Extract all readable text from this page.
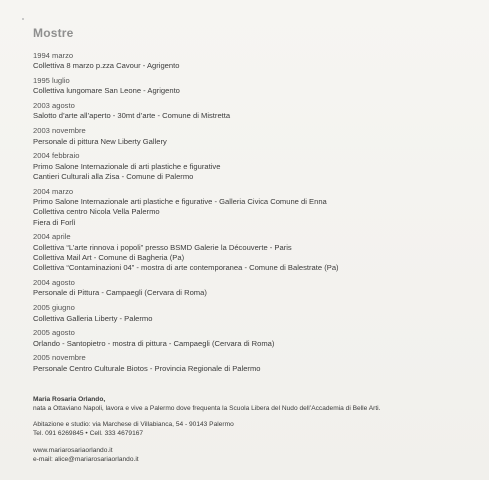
Mostre
1994 marzo
Collettiva 8 marzo p.zza Cavour - Agrigento
1995 luglio
Collettiva lungomare San Leone - Agrigento
2003 agosto
Salotto d’arte all’aperto - 30mt d’arte - Comune di Mistretta
2003 novembre
Personale di pittura New Liberty Gallery
2004 febbraio
Primo Salone Internazionale di arti plastiche e figurative
Cantieri Culturali alla Zisa - Comune di Palermo
2004 marzo
Primo Salone Internazionale arti plastiche e figurative - Galleria Civica Comune di Enna
Collettiva centro Nicola Vella Palermo
Fiera di Forlì
2004 aprile
Collettiva “L’arte rinnova i popoli” presso BSMD Galerie la Découverte - Paris
Collettiva Mail Art - Comune di Bagheria (Pa)
Collettiva “Contaminazioni 04” - mostra di arte contemporanea - Comune di Balestrate (Pa)
2004 agosto
Personale di Pittura - Campaegli (Cervara di Roma)
2005 giugno
Collettiva Galleria Liberty - Palermo
2005 agosto
Orlando - Santopietro - mostra di pittura - Campaegli (Cervara di Roma)
2005 novembre
Personale Centro Culturale Biotos - Provincia Regionale di Palermo
Maria Rosaria Orlando,
nata a Ottaviano Napoli, lavora e vive a Palermo dove frequenta la Scuola Libera del Nudo dell’Accademia di Belle Arti.
Abitazione e studio: via Marchese di Villabianca, 54 - 90143 Palermo
Tel. 091 6269845 • Cell. 333 4679167
www.mariarosariaorlando.it
e-mail: alice@mariarosariaorlando.it
